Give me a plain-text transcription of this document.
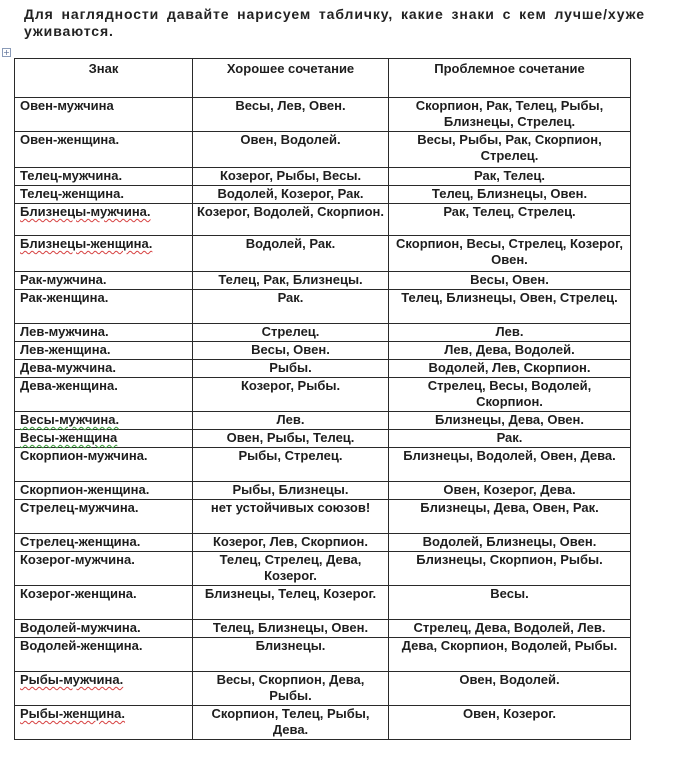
Для наглядности давайте нарисуем табличку, какие знаки с кем лучше/хуже уживаются.
+
Знак	Хорошее сочетание	Проблемное сочетание
Овен-мужчина	Весы, Лев, Овен.	Скорпион, Рак, Телец, Рыбы, Близнецы, Стрелец.
Овен-женщина.	Овен, Водолей.	Весы, Рыбы, Рак, Скорпион, Стрелец.
Телец-мужчина.	Козерог, Рыбы, Весы.	Рак, Телец.
Телец-женщина.	Водолей, Козерог, Рак.	Телец, Близнецы, Овен.
Близнецы-мужчина.	Козерог, Водолей, Скорпион.	Рак, Телец, Стрелец.
Близнецы-женщина.	Водолей, Рак.	Скорпион, Весы, Стрелец, Козерог, Овен.
Рак-мужчина.	Телец, Рак, Близнецы.	Весы, Овен.
Рак-женщина.	Рак.	Телец, Близнецы, Овен, Стрелец.
Лев-мужчина.	Стрелец.	Лев.
Лев-женщина.	Весы, Овен.	Лев, Дева, Водолей.
Дева-мужчина.	Рыбы.	Водолей, Лев, Скорпион.
Дева-женщина.	Козерог, Рыбы.	Стрелец, Весы, Водолей, Скорпион.
Весы-мужчина.	Лев.	Близнецы, Дева, Овен.
Весы-женщина	Овен, Рыбы, Телец.	Рак.
Скорпион-мужчина.	Рыбы, Стрелец.	Близнецы, Водолей, Овен, Дева.
Скорпион-женщина.	Рыбы, Близнецы.	Овен, Козерог, Дева.
Стрелец-мужчина.	нет устойчивых союзов!	Близнецы, Дева, Овен, Рак.
Стрелец-женщина.	Козерог, Лев, Скорпион.	Водолей, Близнецы, Овен.
Козерог-мужчина.	Телец, Стрелец, Дева, Козерог.	Близнецы, Скорпион, Рыбы.
Козерог-женщина.	Близнецы, Телец, Козерог.	Весы.
Водолей-мужчина.	Телец, Близнецы, Овен.	Стрелец, Дева, Водолей, Лев.
Водолей-женщина.	Близнецы.	Дева, Скорпион, Водолей, Рыбы.
Рыбы-мужчина.	Весы, Скорпион, Дева, Рыбы.	Овен, Водолей.
Рыбы-женщина.	Скорпион, Телец, Рыбы, Дева.	Овен, Козерог.
